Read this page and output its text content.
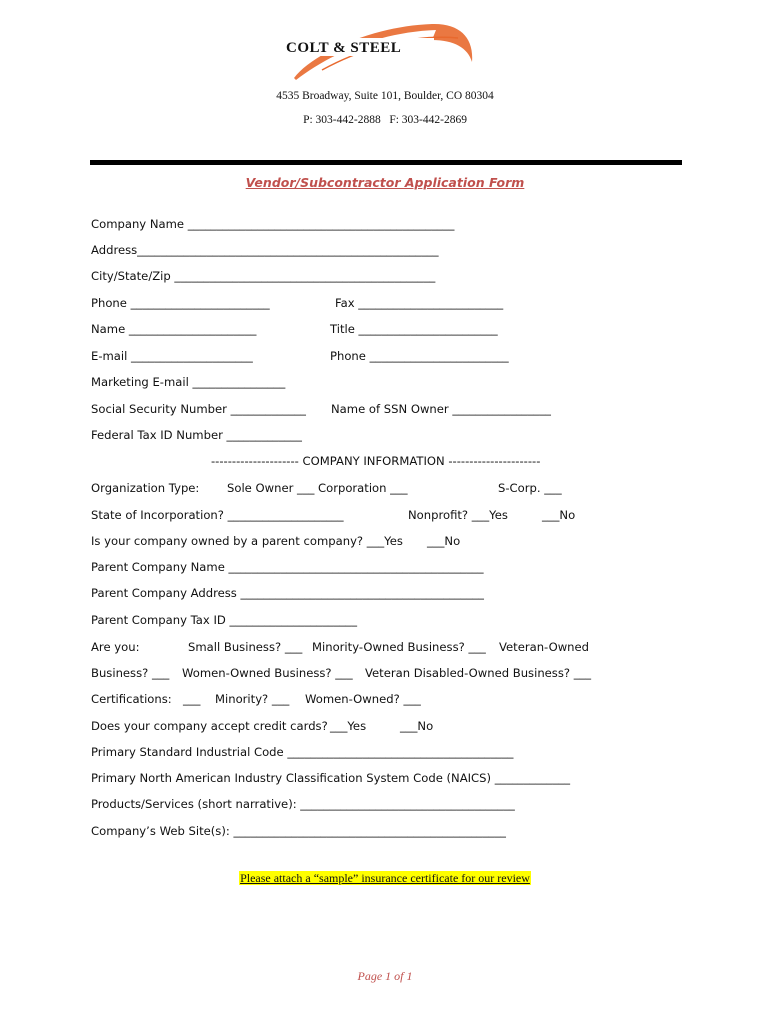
COLT & STEEL
4535 Broadway, Suite 101, Boulder, CO 80304
P: 303-442-2888   F: 303-442-2869
Vendor/Subcontractor Application Form
Company Name ______________________________________________
Address____________________________________________________
City/State/Zip _____________________________________________
Phone ________________________	Fax _________________________
Name ______________________	Title ________________________
E-mail _____________________	Phone ________________________
Marketing E-mail ________________
Social Security Number _____________ Name of SSN Owner _________________
Federal Tax ID Number _____________
--------------------- COMPANY INFORMATION ----------------------
Organization Type: Sole Owner ___ Corporation ___	S-Corp. ___
State of Incorporation? ____________________	Nonprofit? ___Yes	___No
Is your company owned by a parent company? ___Yes ___No
Parent Company Name ____________________________________________
Parent Company Address __________________________________________
Parent Company Tax ID ______________________
Are you:	Small Business? ___ Minority-Owned Business? ___ Veteran-Owned
Business? ___ Women-Owned Business? ___ Veteran Disabled-Owned Business? ___
Certifications: ___ Minority? ___ Women-Owned? ___
Does your company accept credit cards? ___Yes	___No
Primary Standard Industrial Code _______________________________________
Primary North American Industry Classification System Code (NAICS) _____________
Products/Services (short narrative): _____________________________________
Company’s Web Site(s): _______________________________________________
Please attach a “sample” insurance certificate for our review
Page 1 of 1
